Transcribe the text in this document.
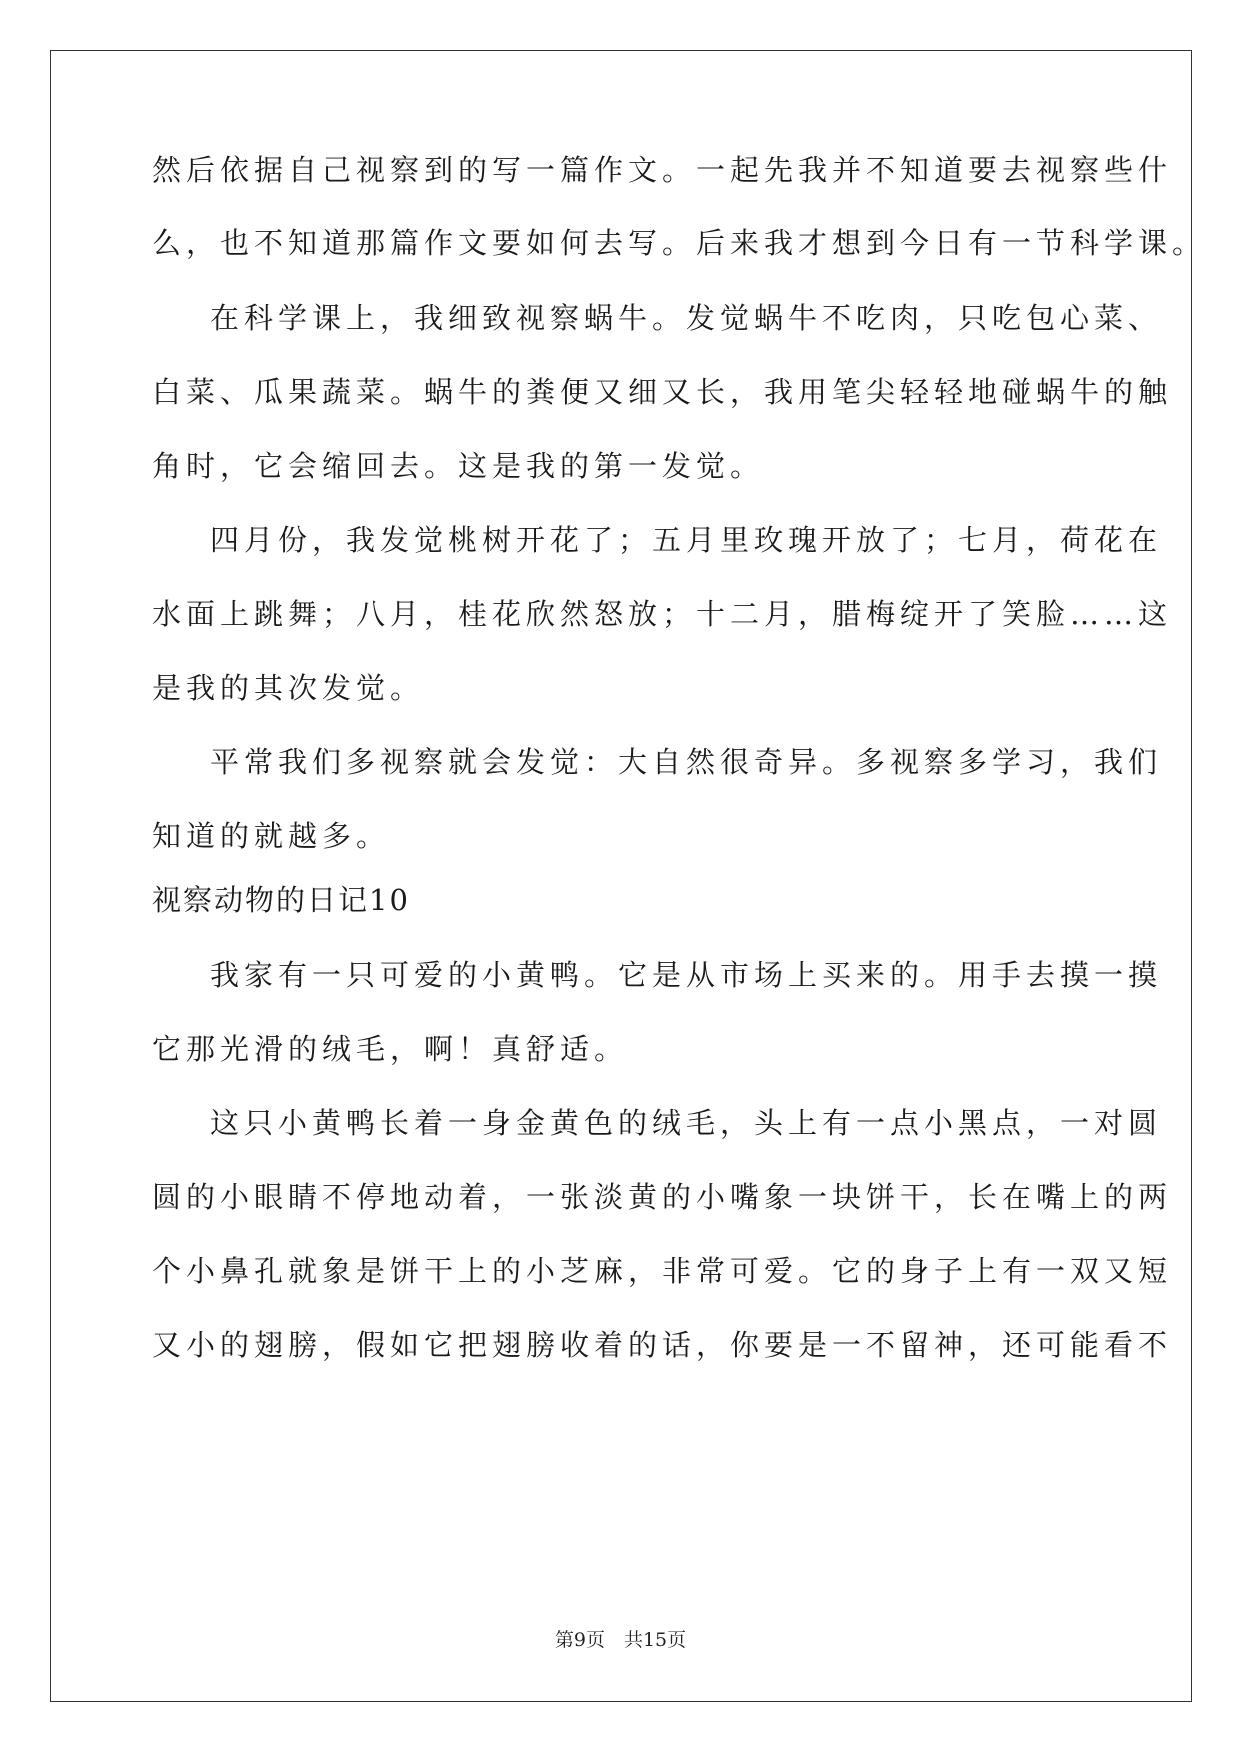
然后依据自己视察到的写一篇作文。一起先我并不知道要去视察些什
么，也不知道那篇作文要如何去写。后来我才想到今日有一节科学课。
在科学课上，我细致视察蜗牛。发觉蜗牛不吃肉，只吃包心菜、
白菜、瓜果蔬菜。蜗牛的粪便又细又长，我用笔尖轻轻地碰蜗牛的触
角时，它会缩回去。这是我的第一发觉。
四月份，我发觉桃树开花了；五月里玫瑰开放了；七月，荷花在
水面上跳舞；八月，桂花欣然怒放；十二月，腊梅绽开了笑脸……这
是我的其次发觉。
平常我们多视察就会发觉：大自然很奇异。多视察多学习，我们
知道的就越多。
视察动物的日记10
我家有一只可爱的小黄鸭。它是从市场上买来的。用手去摸一摸
它那光滑的绒毛，啊！真舒适。
这只小黄鸭长着一身金黄色的绒毛，头上有一点小黑点，一对圆
圆的小眼睛不停地动着，一张淡黄的小嘴象一块饼干，长在嘴上的两
个小鼻孔就象是饼干上的小芝麻，非常可爱。它的身子上有一双又短
又小的翅膀，假如它把翅膀收着的话，你要是一不留神，还可能看不
第9页　共15页
